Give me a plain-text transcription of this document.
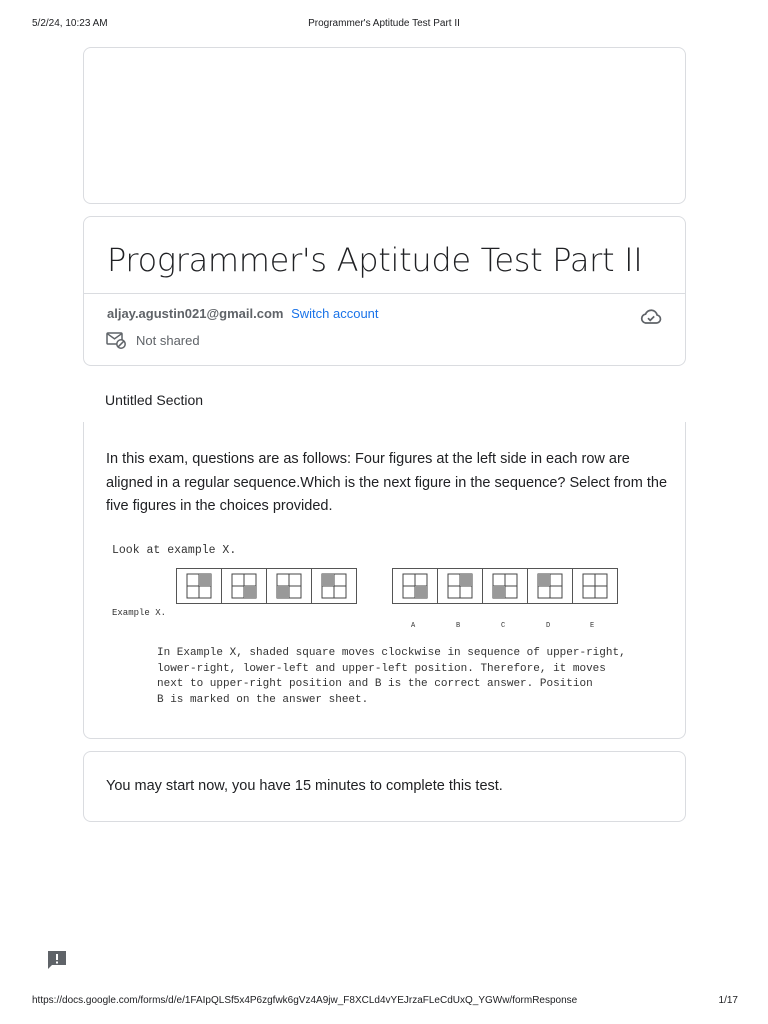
5/2/24, 10:23 AM	Programmer's Aptitude Test Part II
Programmer's Aptitude Test Part II
aljay.agustin021@gmail.com Switch account
Not shared
Untitled Section
In this exam, questions are as follows: Four figures at the left side in each row are aligned in a regular sequence.Which is the next figure in the sequence? Select from the five figures in the choices provided.
Look at example X.
Example X.
A	B	C	D	E
In Example X, shaded square moves clockwise in sequence of upper-right,
lower-right, lower-left and upper-left position. Therefore, it moves
next to upper-right position and B is the correct answer. Position
B is marked on the answer sheet.
You may start now, you have 15 minutes to complete this test.
https://docs.google.com/forms/d/e/1FAIpQLSf5x4P6zgfwk6gVz4A9jw_F8XCLd4vYEJrzaFLeCdUxQ_YGWw/formResponse	1/17
